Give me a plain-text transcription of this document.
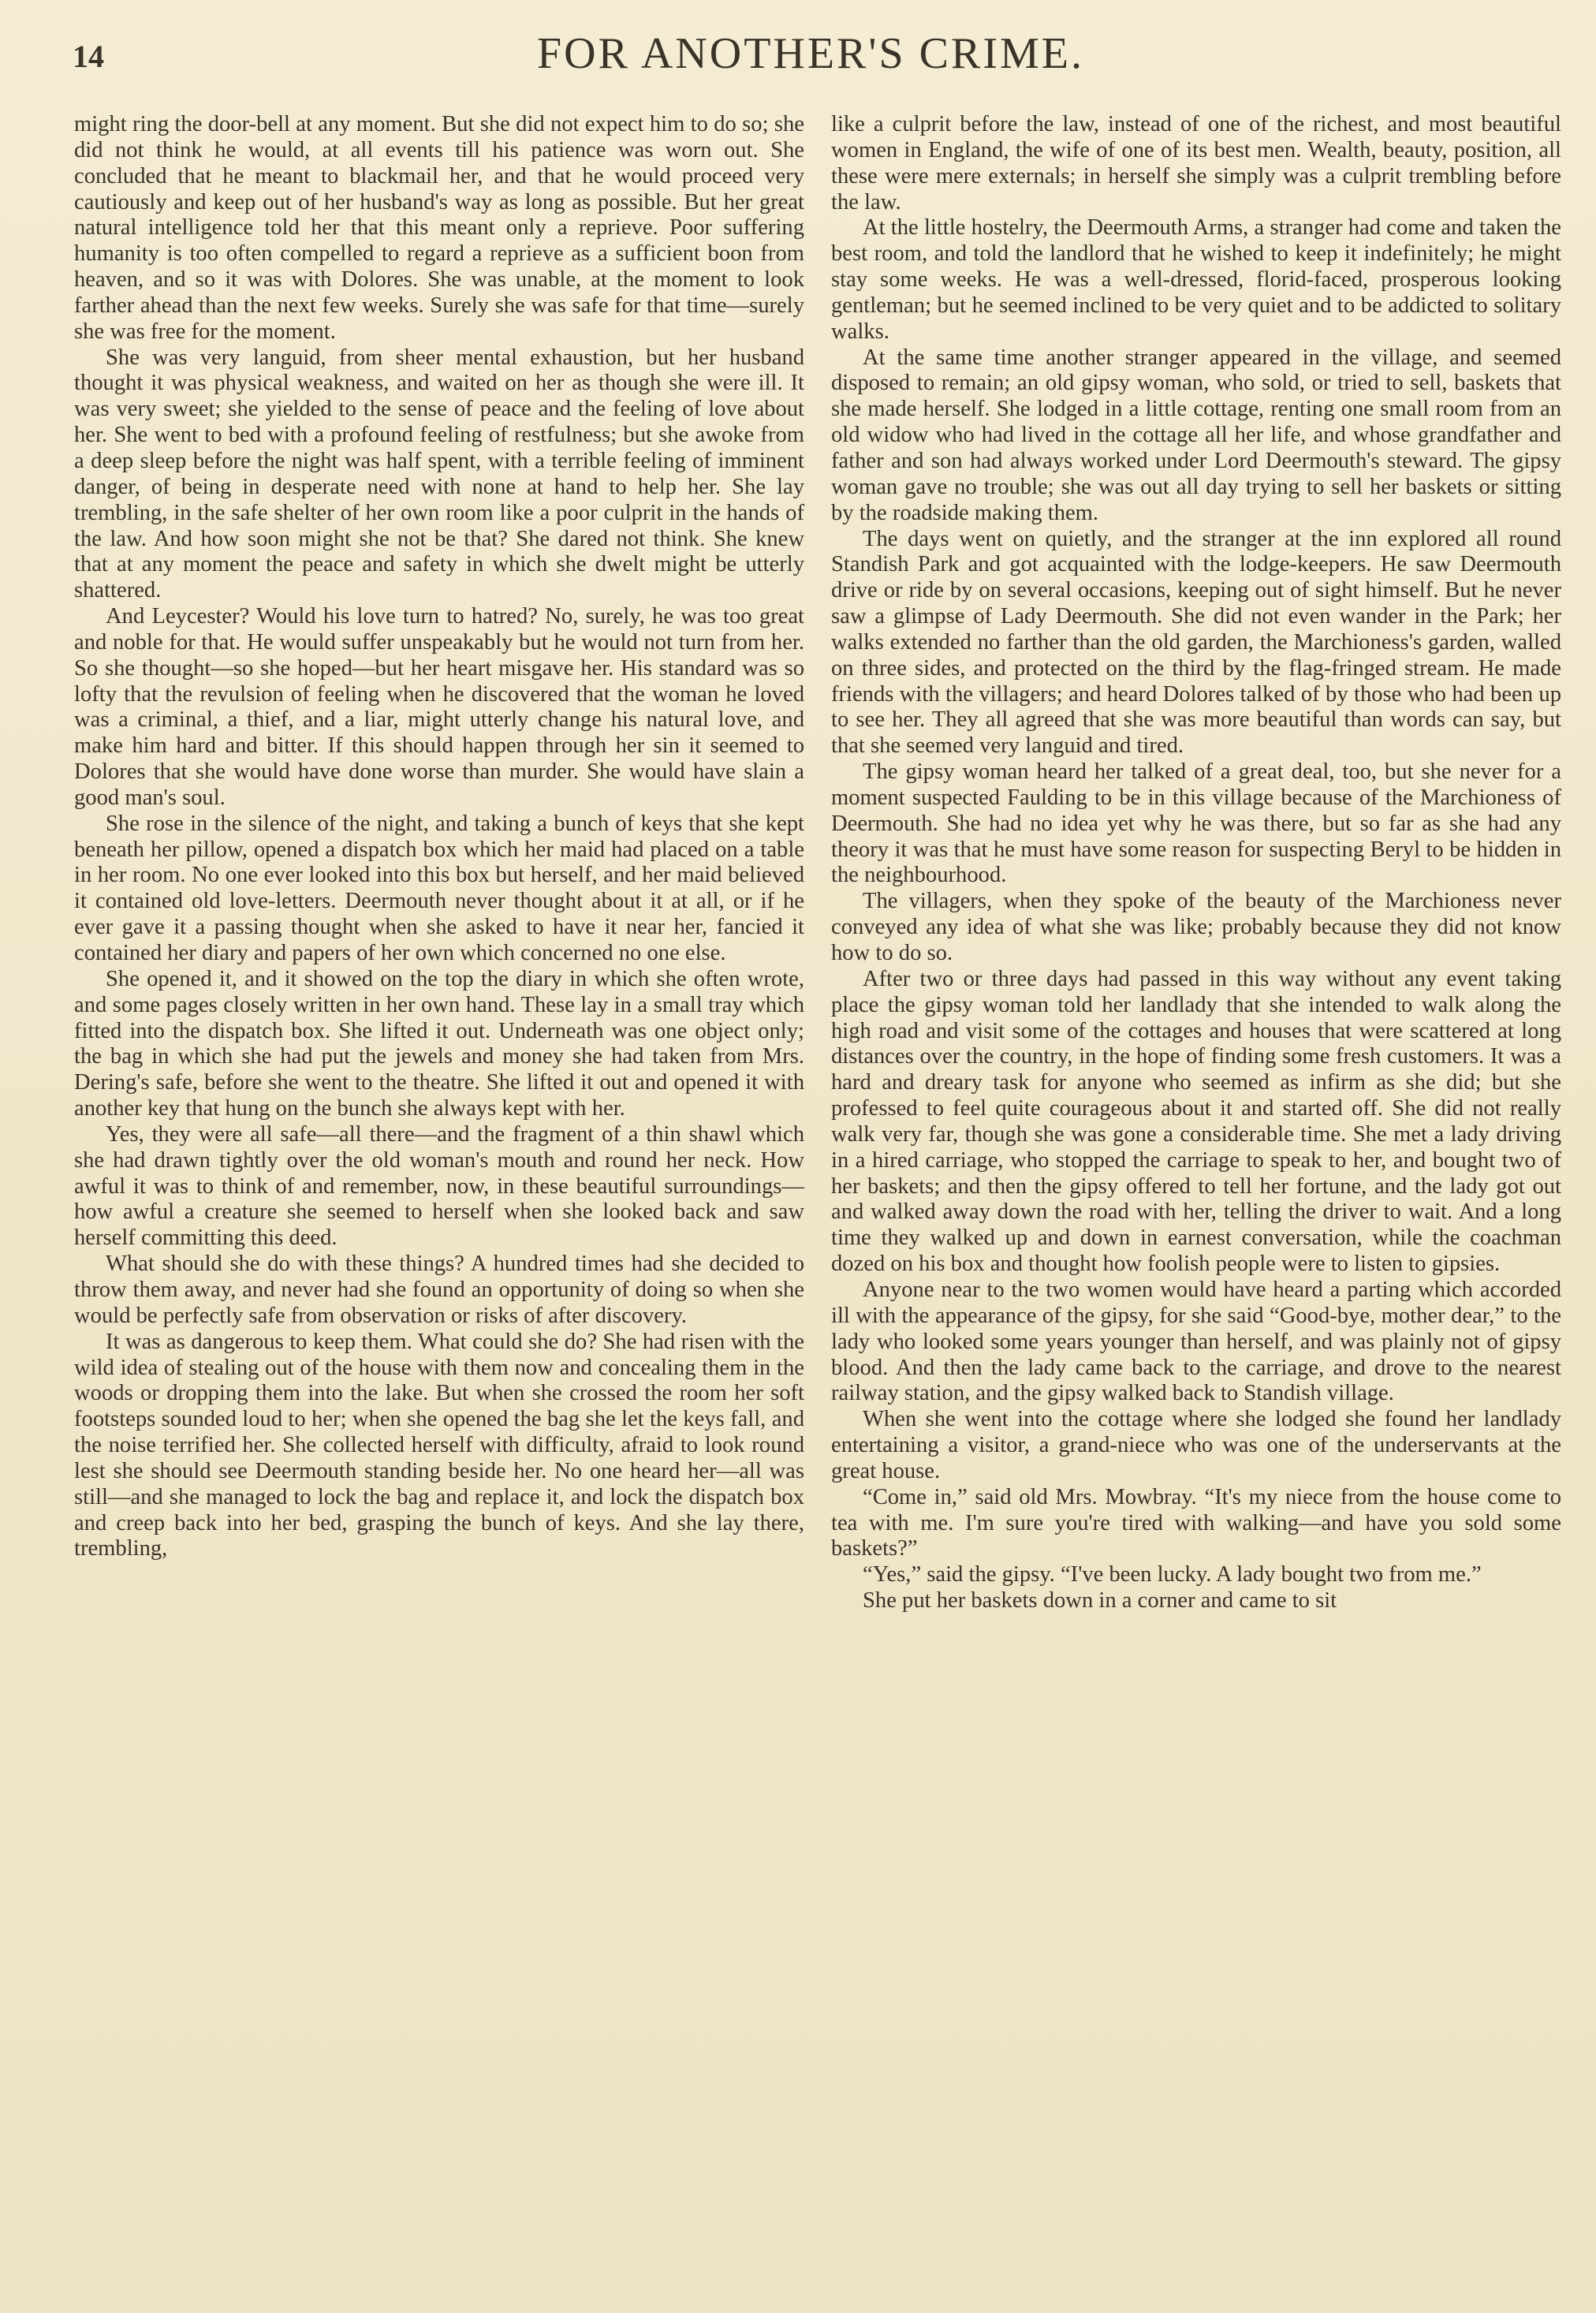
14	FOR ANOTHER'S CRIME.

might ring the door-bell at any moment. But she did not expect him to do so; she did not think he would, at all events till his patience was worn out. She concluded that he meant to blackmail her, and that he would proceed very cautiously and keep out of her husband's way as long as possible. But her great natural intelligence told her that this meant only a reprieve. Poor suffering humanity is too often compelled to regard a reprieve as a sufficient boon from heaven, and so it was with Dolores. She was unable, at the moment to look farther ahead than the next few weeks. Surely she was safe for that time—surely she was free for the moment.

She was very languid, from sheer mental exhaustion, but her husband thought it was physical weakness, and waited on her as though she were ill. It was very sweet; she yielded to the sense of peace and the feeling of love about her. She went to bed with a profound feeling of restfulness; but she awoke from a deep sleep before the night was half spent, with a terrible feeling of imminent danger, of being in desperate need with none at hand to help her. She lay trembling, in the safe shelter of her own room like a poor culprit in the hands of the law. And how soon might she not be that? She dared not think. She knew that at any moment the peace and safety in which she dwelt might be utterly shattered.

And Leycester? Would his love turn to hatred? No, surely, he was too great and noble for that. He would suffer unspeakably but he would not turn from her. So she thought—so she hoped—but her heart misgave her. His standard was so lofty that the revulsion of feeling when he discovered that the woman he loved was a criminal, a thief, and a liar, might utterly change his natural love, and make him hard and bitter. If this should happen through her sin it seemed to Dolores that she would have done worse than murder. She would have slain a good man's soul.

She rose in the silence of the night, and taking a bunch of keys that she kept beneath her pillow, opened a dispatch box which her maid had placed on a table in her room. No one ever looked into this box but herself, and her maid believed it contained old love-letters. Deermouth never thought about it at all, or if he ever gave it a passing thought when she asked to have it near her, fancied it contained her diary and papers of her own which concerned no one else.

She opened it, and it showed on the top the diary in which she often wrote, and some pages closely written in her own hand. These lay in a small tray which fitted into the dispatch box. She lifted it out. Underneath was one object only; the bag in which she had put the jewels and money she had taken from Mrs. Dering's safe, before she went to the theatre. She lifted it out and opened it with another key that hung on the bunch she always kept with her.

Yes, they were all safe—all there—and the fragment of a thin shawl which she had drawn tightly over the old woman's mouth and round her neck. How awful it was to think of and remember, now, in these beautiful surroundings—how awful a creature she seemed to herself when she looked back and saw herself committing this deed.

What should she do with these things? A hundred times had she decided to throw them away, and never had she found an opportunity of doing so when she would be perfectly safe from observation or risks of after discovery.

It was as dangerous to keep them. What could she do? She had risen with the wild idea of stealing out of the house with them now and concealing them in the woods or dropping them into the lake. But when she crossed the room her soft footsteps sounded loud to her; when she opened the bag she let the keys fall, and the noise terrified her. She collected herself with difficulty, afraid to look round lest she should see Deermouth standing beside her. No one heard her—all was still—and she managed to lock the bag and replace it, and lock the dispatch box and creep back into her bed, grasping the bunch of keys. And she lay there, trembling,

like a culprit before the law, instead of one of the richest, and most beautiful women in England, the wife of one of its best men. Wealth, beauty, position, all these were mere externals; in herself she simply was a culprit trembling before the law.

At the little hostelry, the Deermouth Arms, a stranger had come and taken the best room, and told the landlord that he wished to keep it indefinitely; he might stay some weeks. He was a well-dressed, florid-faced, prosperous looking gentleman; but he seemed inclined to be very quiet and to be addicted to solitary walks.

At the same time another stranger appeared in the village, and seemed disposed to remain; an old gipsy woman, who sold, or tried to sell, baskets that she made herself. She lodged in a little cottage, renting one small room from an old widow who had lived in the cottage all her life, and whose grandfather and father and son had always worked under Lord Deermouth's steward. The gipsy woman gave no trouble; she was out all day trying to sell her baskets or sitting by the roadside making them.

The days went on quietly, and the stranger at the inn explored all round Standish Park and got acquainted with the lodge-keepers. He saw Deermouth drive or ride by on several occasions, keeping out of sight himself. But he never saw a glimpse of Lady Deermouth. She did not even wander in the Park; her walks extended no farther than the old garden, the Marchioness's garden, walled on three sides, and protected on the third by the flag-fringed stream. He made friends with the villagers; and heard Dolores talked of by those who had been up to see her. They all agreed that she was more beautiful than words can say, but that she seemed very languid and tired.

The gipsy woman heard her talked of a great deal, too, but she never for a moment suspected Faulding to be in this village because of the Marchioness of Deermouth. She had no idea yet why he was there, but so far as she had any theory it was that he must have some reason for suspecting Beryl to be hidden in the neighbourhood.

The villagers, when they spoke of the beauty of the Marchioness never conveyed any idea of what she was like; probably because they did not know how to do so.

After two or three days had passed in this way without any event taking place the gipsy woman told her landlady that she intended to walk along the high road and visit some of the cottages and houses that were scattered at long distances over the country, in the hope of finding some fresh customers. It was a hard and dreary task for anyone who seemed as infirm as she did; but she professed to feel quite courageous about it and started off. She did not really walk very far, though she was gone a considerable time. She met a lady driving in a hired carriage, who stopped the carriage to speak to her, and bought two of her baskets; and then the gipsy offered to tell her fortune, and the lady got out and walked away down the road with her, telling the driver to wait. And a long time they walked up and down in earnest conversation, while the coachman dozed on his box and thought how foolish people were to listen to gipsies.

Anyone near to the two women would have heard a parting which accorded ill with the appearance of the gipsy, for she said “Good-bye, mother dear,” to the lady who looked some years younger than herself, and was plainly not of gipsy blood. And then the lady came back to the carriage, and drove to the nearest railway station, and the gipsy walked back to Standish village.

When she went into the cottage where she lodged she found her landlady entertaining a visitor, a grand-niece who was one of the underservants at the great house.

“Come in,” said old Mrs. Mowbray. “It's my niece from the house come to tea with me. I'm sure you're tired with walking—and have you sold some baskets?”

“Yes,” said the gipsy. “I've been lucky. A lady bought two from me.”

She put her baskets down in a corner and came to sit
